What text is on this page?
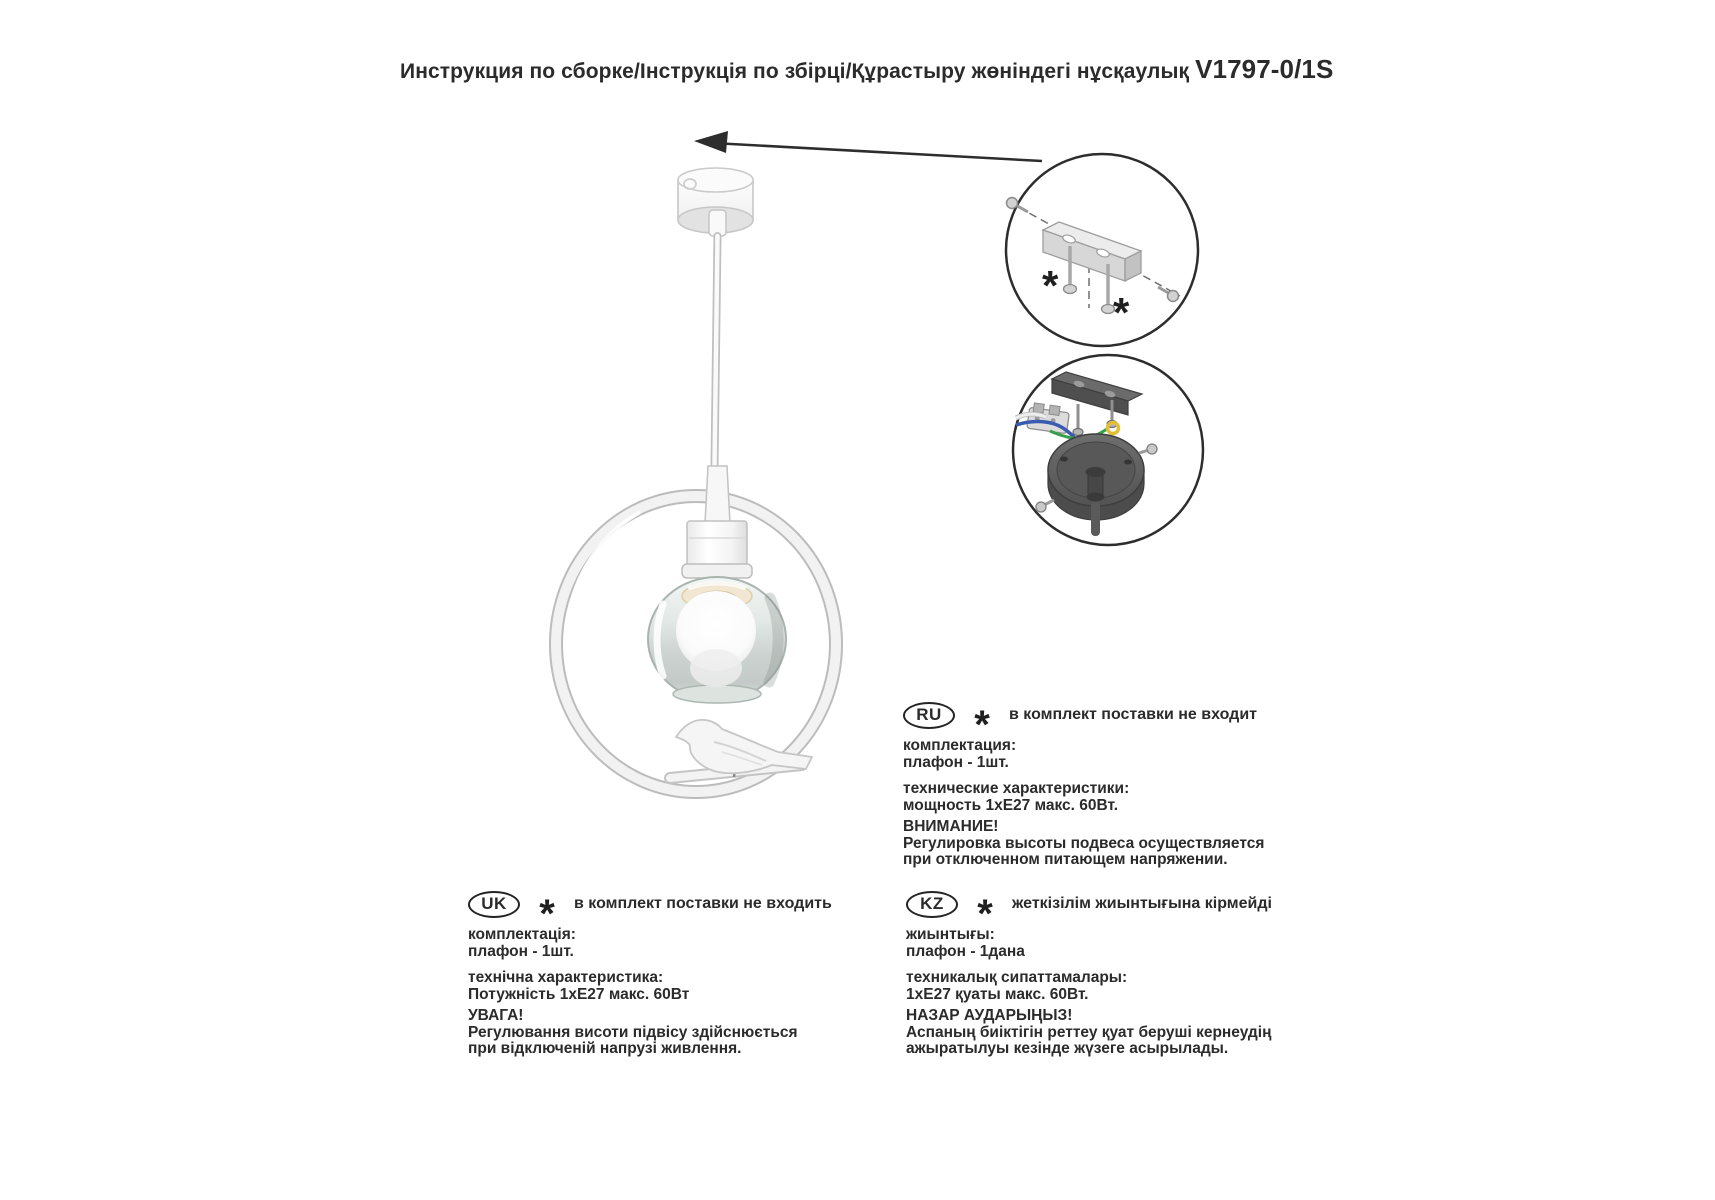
*
*
Инструкция по сборке/Інструкція по збірці/Құрастыру жөніндегі нұсқаулық V1797-0/1S
RU *	в комплект поставки не входит
комплектация:
плафон - 1шт.
технические характеристики:
мощность 1хЕ27 макс. 60Вт.
ВНИМАНИЕ!
Регулировка высоты подвеса осуществляется
при отключенном питающем напряжении.
UK *	в комплект поставки не входить
комплектація:
плафон - 1шт.
технічна характеристика:
Потужність 1хЕ27 макс. 60Вт
УВАГА!
Регулювання висоти підвісу здійснюється
при відключеній напрузі живлення.
KZ *	жеткізілім жиынтығына кірмейді
жиынтығы:
плафон - 1дана
техникалық сипаттамалары:
1хЕ27 қуаты макс. 60Вт.
НАЗАР АУДАРЫҢЫЗ!
Аспаның биіктігін реттеу қуат беруші кернеудің
ажыратылуы кезінде жүзеге асырылады.
